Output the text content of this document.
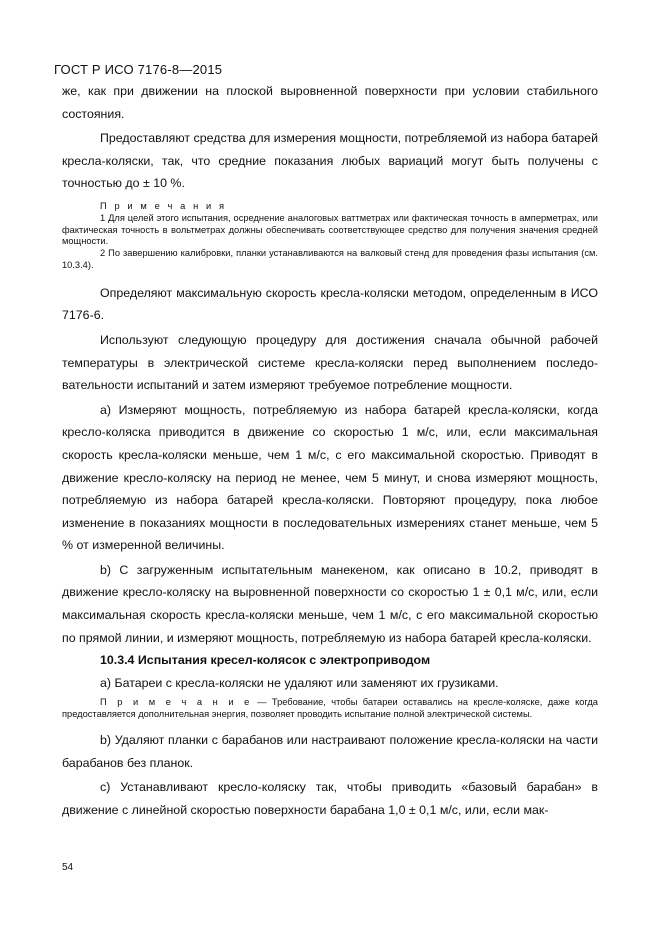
ГОСТ Р ИСО 7176-8—2015

же, как при движении на плоской выровненной поверхности при условии стабильного состояния.

Предоставляют средства для измерения мощности, потребляемой из набора батарей кресла-коляски, так, что средние показания любых вариаций могут быть получены с точностью до ± 10 %.

П р и м е ч а н и я

1 Для целей этого испытания, осреднение аналоговых ваттметрах или фактическая точность в амперметрах, или фактическая точность в вольтметрах должны обеспечивать соответствующее средство для получения значения средней мощности.

2 По завершению калибровки, планки устанавливаются на валковый стенд для проведения фазы испытания (см. 10.3.4).

Определяют максимальную скорость кресла-коляски методом, определенным в ИСО 7176-6.

Используют следующую процедуру для достижения сначала обычной рабочей температуры в электрической системе кресла-коляски перед выполнением последовательности испытаний и затем измеряют требуемое потребление мощности.

а) Измеряют мощность, потребляемую из набора батарей кресла-коляски, когда кресло-коляска приводится в движение со скоростью 1 м/с, или, если максимальная скорость кресла-коляски меньше, чем 1 м/с, с его максимальной скоростью. Приводят в движение кресло-коляску на период не менее, чем 5 минут, и снова измеряют мощность, потребляемую из набора батарей кресла-коляски. Повторяют процедуру, пока любое изменение в показаниях мощности в последовательных измерениях станет меньше, чем 5 % от измеренной величины.

b) С загруженным испытательным манекеном, как описано в 10.2, приводят в движение кресло-коляску на выровненной поверхности со скоростью 1 ± 0,1 м/с, или, если максимальная скорость кресла-коляски меньше, чем 1 м/с, с его максимальной скоростью по прямой линии, и измеряют мощность, потребляемую из набора батарей кресла-коляски.

10.3.4 Испытания кресел-колясок с электроприводом

а) Батареи с кресла-коляски не удаляют или заменяют их грузиками.

П р и м е ч а н и е — Требование, чтобы батареи оставались на кресле-коляске, даже когда предоставляется дополнительная энергия, позволяет проводить испытание полной электрической системы.

b) Удаляют планки с барабанов или настраивают положение кресла-коляски на части барабанов без планок.

с) Устанавливают кресло-коляску так, чтобы приводить «базовый барабан» в движение с линейной скоростью поверхности барабана 1,0 ± 0,1 м/с, или, если мак-

54
